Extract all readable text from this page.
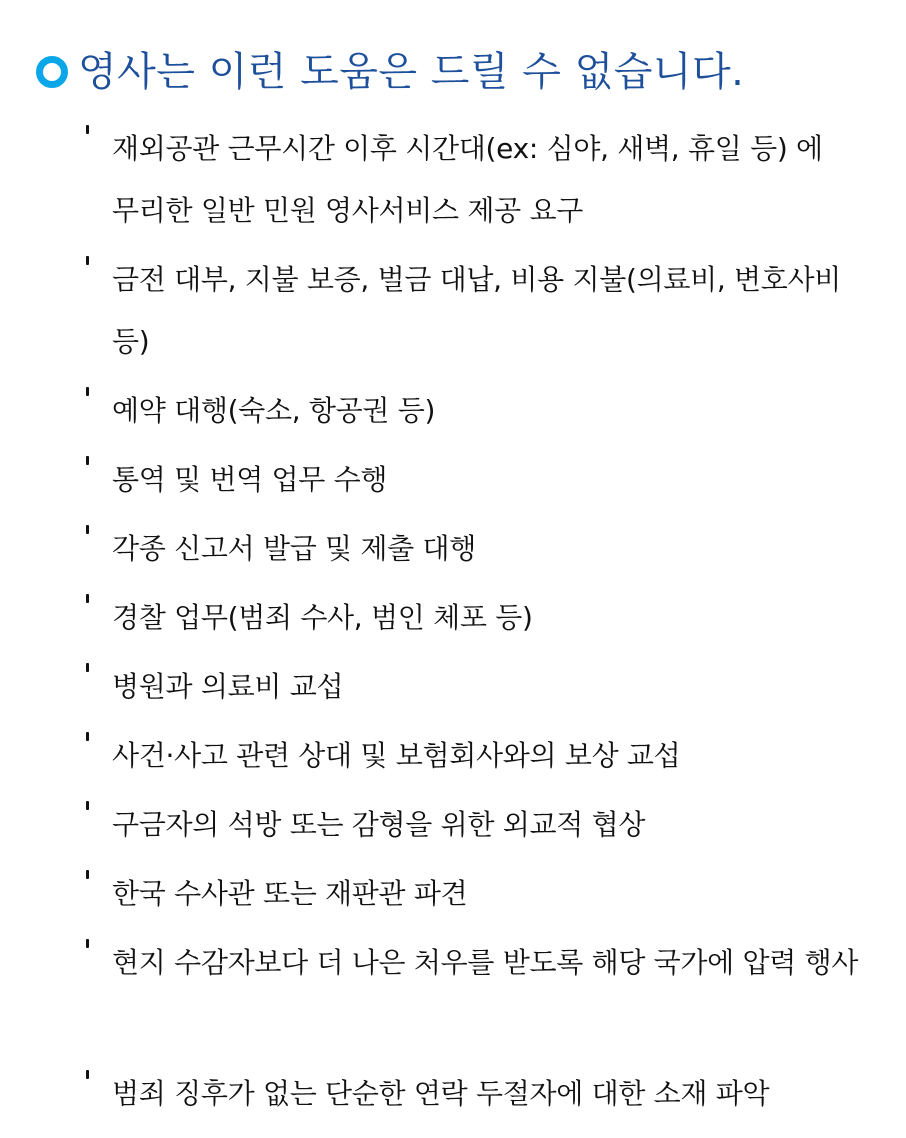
영사는 이런 도움은 드릴 수 없습니다.
재외공관 근무시간 이후 시간대(ex: 심야, 새벽, 휴일 등) 에 무리한 일반 민원 영사서비스 제공 요구
금전 대부, 지불 보증, 벌금 대납, 비용 지불(의료비, 변호사비 등)
예약 대행(숙소, 항공권 등)
통역 및 번역 업무 수행
각종 신고서 발급 및 제출 대행
경찰 업무(범죄 수사, 범인 체포 등)
병원과 의료비 교섭
사건·사고 관련 상대 및 보험회사와의 보상 교섭
구금자의 석방 또는 감형을 위한 외교적 협상
한국 수사관 또는 재판관 파견
현지 수감자보다 더 나은 처우를 받도록 해당 국가에 압력 행사
범죄 징후가 없는 단순한 연락 두절자에 대한 소재 파악
